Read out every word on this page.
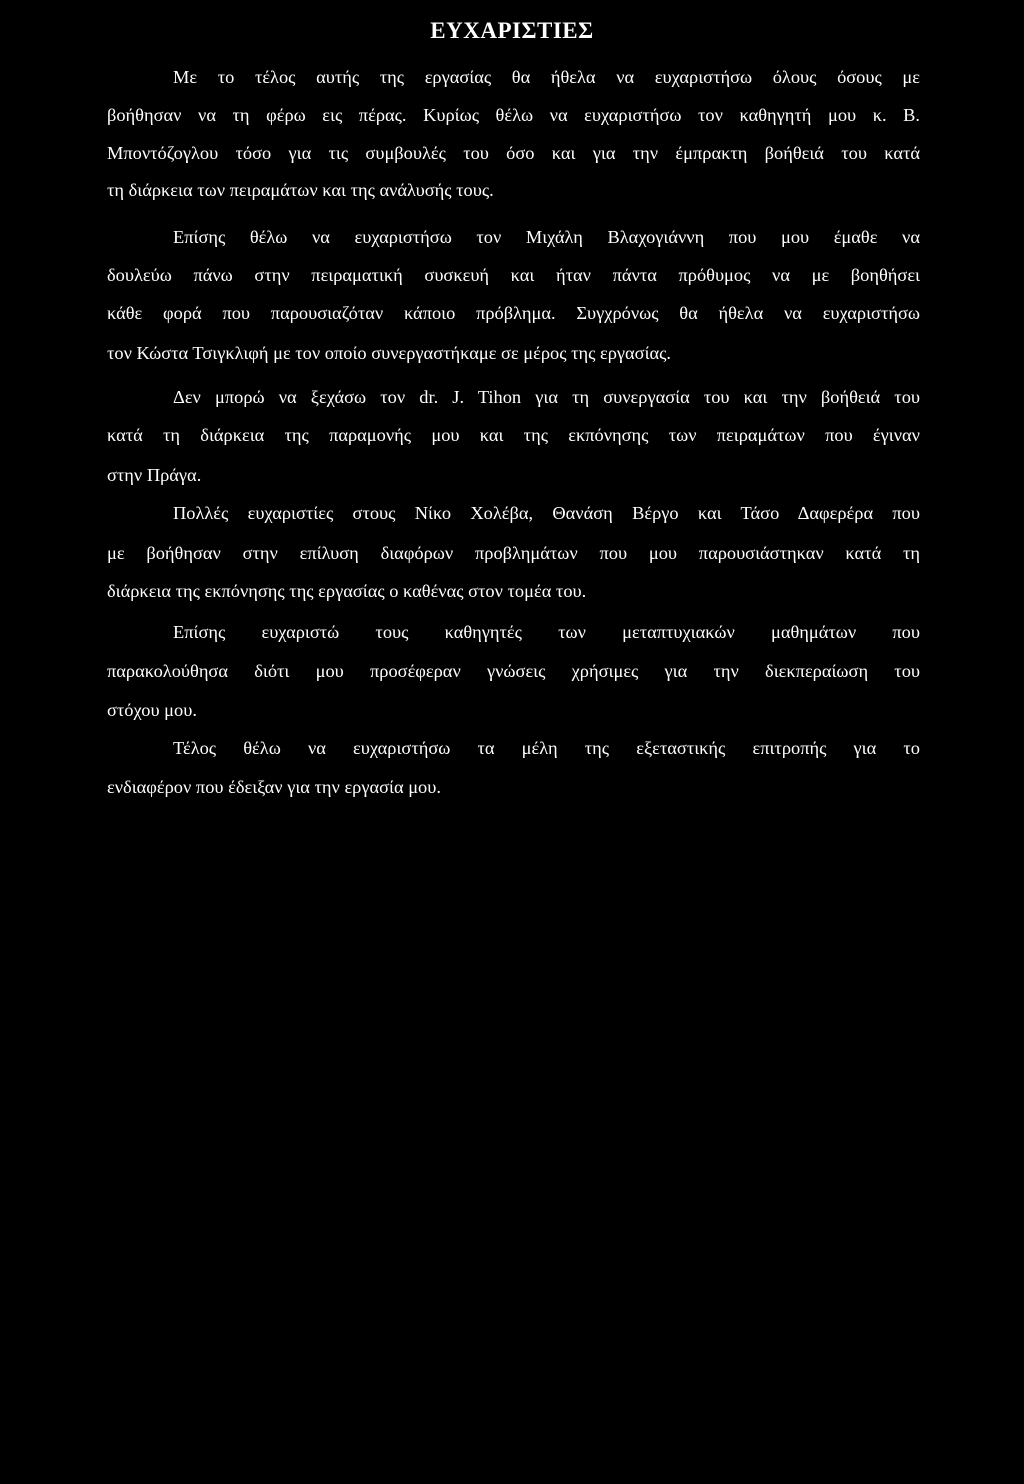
ΕΥΧΑΡΙΣΤΙΕΣ
Με το τέλος αυτής της εργασίας θα ήθελα να ευχαριστήσω όλους όσους με
βοήθησαν να τη φέρω εις πέρας. Κυρίως θέλω να ευχαριστήσω τον καθηγητή μου κ. Β.
Μποντόζογλου τόσο για τις συμβουλές του όσο και για την έμπρακτη βοήθειά του κατά
τη διάρκεια των πειραμάτων και της ανάλυσής τους.
Επίσης θέλω να ευχαριστήσω τον Μιχάλη Βλαχογιάννη που μου έμαθε να
δουλεύω πάνω στην πειραματική συσκευή και ήταν πάντα πρόθυμος να με βοηθήσει
κάθε φορά που παρουσιαζόταν κάποιο πρόβλημα. Συγχρόνως θα ήθελα να ευχαριστήσω
τον Κώστα Τσιγκλιφή με τον οποίο συνεργαστήκαμε σε μέρος της εργασίας.
Δεν μπορώ να ξεχάσω τον dr. J. Tihon για τη συνεργασία του και την βοήθειά του
κατά τη διάρκεια της παραμονής μου και της εκπόνησης των πειραμάτων που έγιναν
στην Πράγα.
Πολλές ευχαριστίες στους Νίκο Χολέβα, Θανάση Βέργο και Τάσο Δαφερέρα που
με βοήθησαν στην επίλυση διαφόρων προβλημάτων που μου παρουσιάστηκαν κατά τη
διάρκεια της εκπόνησης της εργασίας ο καθένας στον τομέα του.
Επίσης ευχαριστώ τους καθηγητές των μεταπτυχιακών μαθημάτων που
παρακολούθησα διότι μου προσέφεραν γνώσεις χρήσιμες για την διεκπεραίωση του
στόχου μου.
Τέλος θέλω να ευχαριστήσω τα μέλη της εξεταστικής επιτροπής για το
ενδιαφέρον που έδειξαν για την εργασία μου.
